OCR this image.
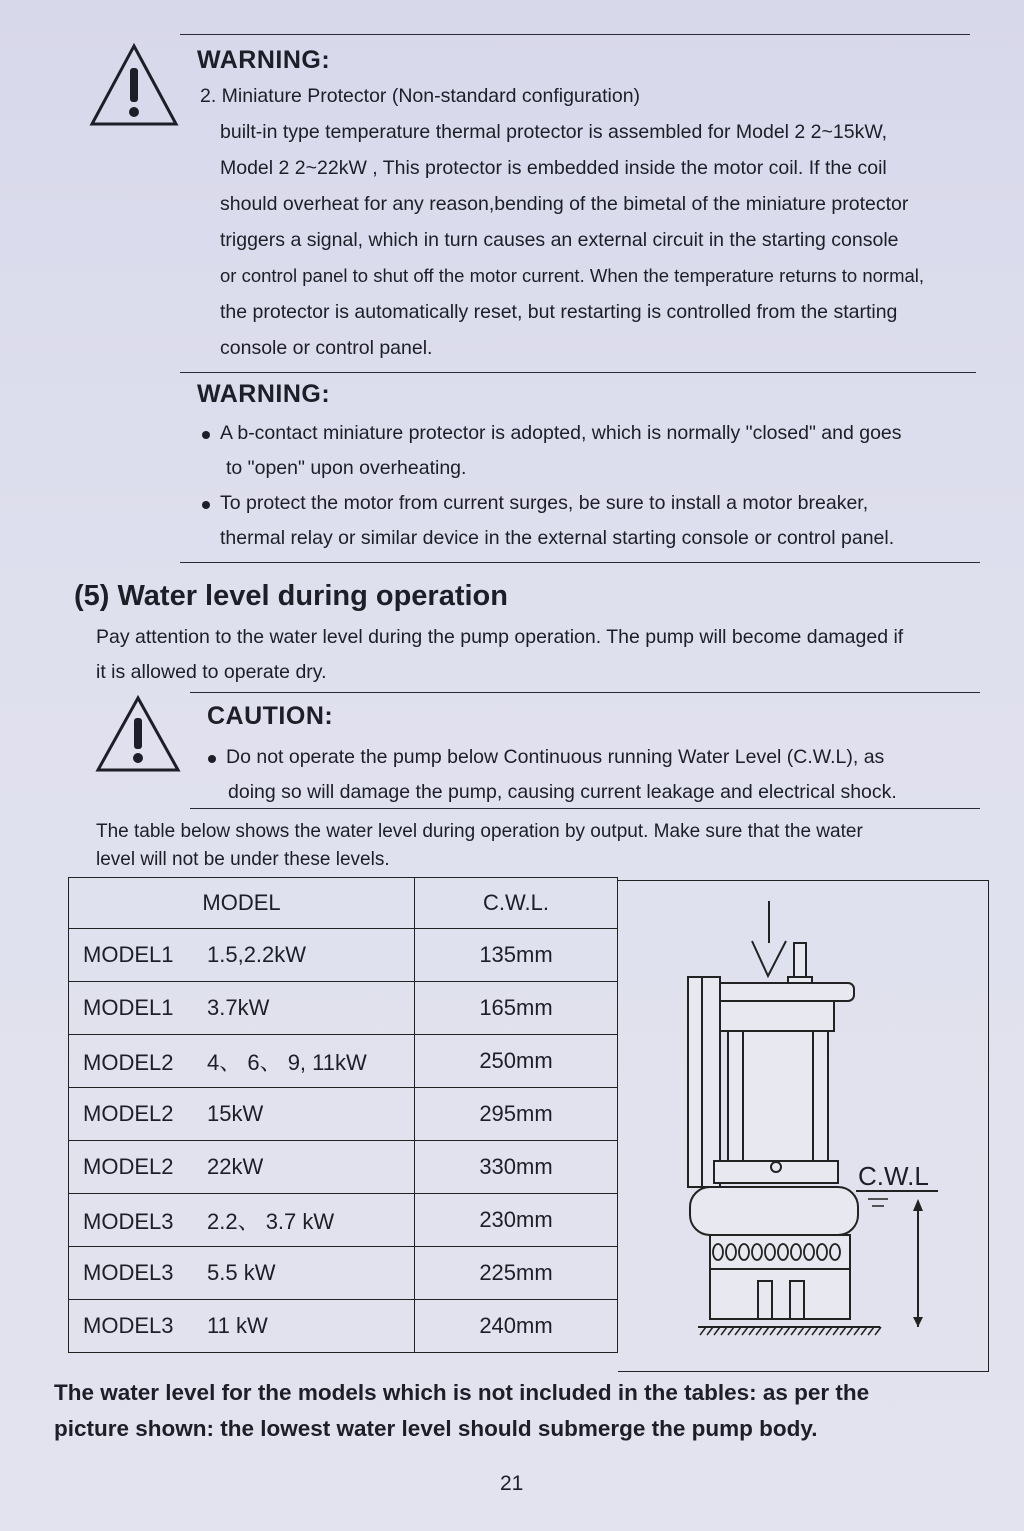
WARNING:
2. Miniature Protector (Non-standard configuration)
built-in type temperature thermal protector is assembled for Model 2 2~15kW,
Model 2 2~22kW , This protector is embedded inside the motor coil. If the coil
should overheat for any reason,bending of the bimetal of the miniature protector
triggers a signal, which in turn causes an external circuit in the starting console
or control panel to shut off the motor current. When the temperature returns to normal,
the protector is automatically reset, but restarting is controlled from the starting
console or control panel.
WARNING:
A b-contact miniature protector is adopted, which is normally "closed" and goes
to "open" upon overheating.
To protect the motor from current surges, be sure to install a motor breaker,
thermal relay or similar device in the external starting console or control panel.
(5) Water level during operation
Pay attention to the water level during the pump operation. The pump will become damaged if
it is allowed to operate dry.
CAUTION:
Do not operate the pump below Continuous running Water Level (C.W.L), as
doing so will damage the pump, causing current leakage and electrical shock.
The table below shows the water level during operation by output. Make sure that the water
level will not be under these levels.
MODEL	C.W.L.
MODEL1 1.5,2.2kW	135mm
MODEL1 3.7kW	165mm
MODEL2 4、 6、 9, 11kW	250mm
MODEL2 15kW	295mm
MODEL2 22kW	330mm
MODEL3 2.2、 3.7 kW	230mm
MODEL3 5.5 kW	225mm
MODEL3 11 kW	240mm
C.W.L
The water level for the models which is not included in the tables: as per the
picture shown: the lowest water level should submerge the pump body.
21
